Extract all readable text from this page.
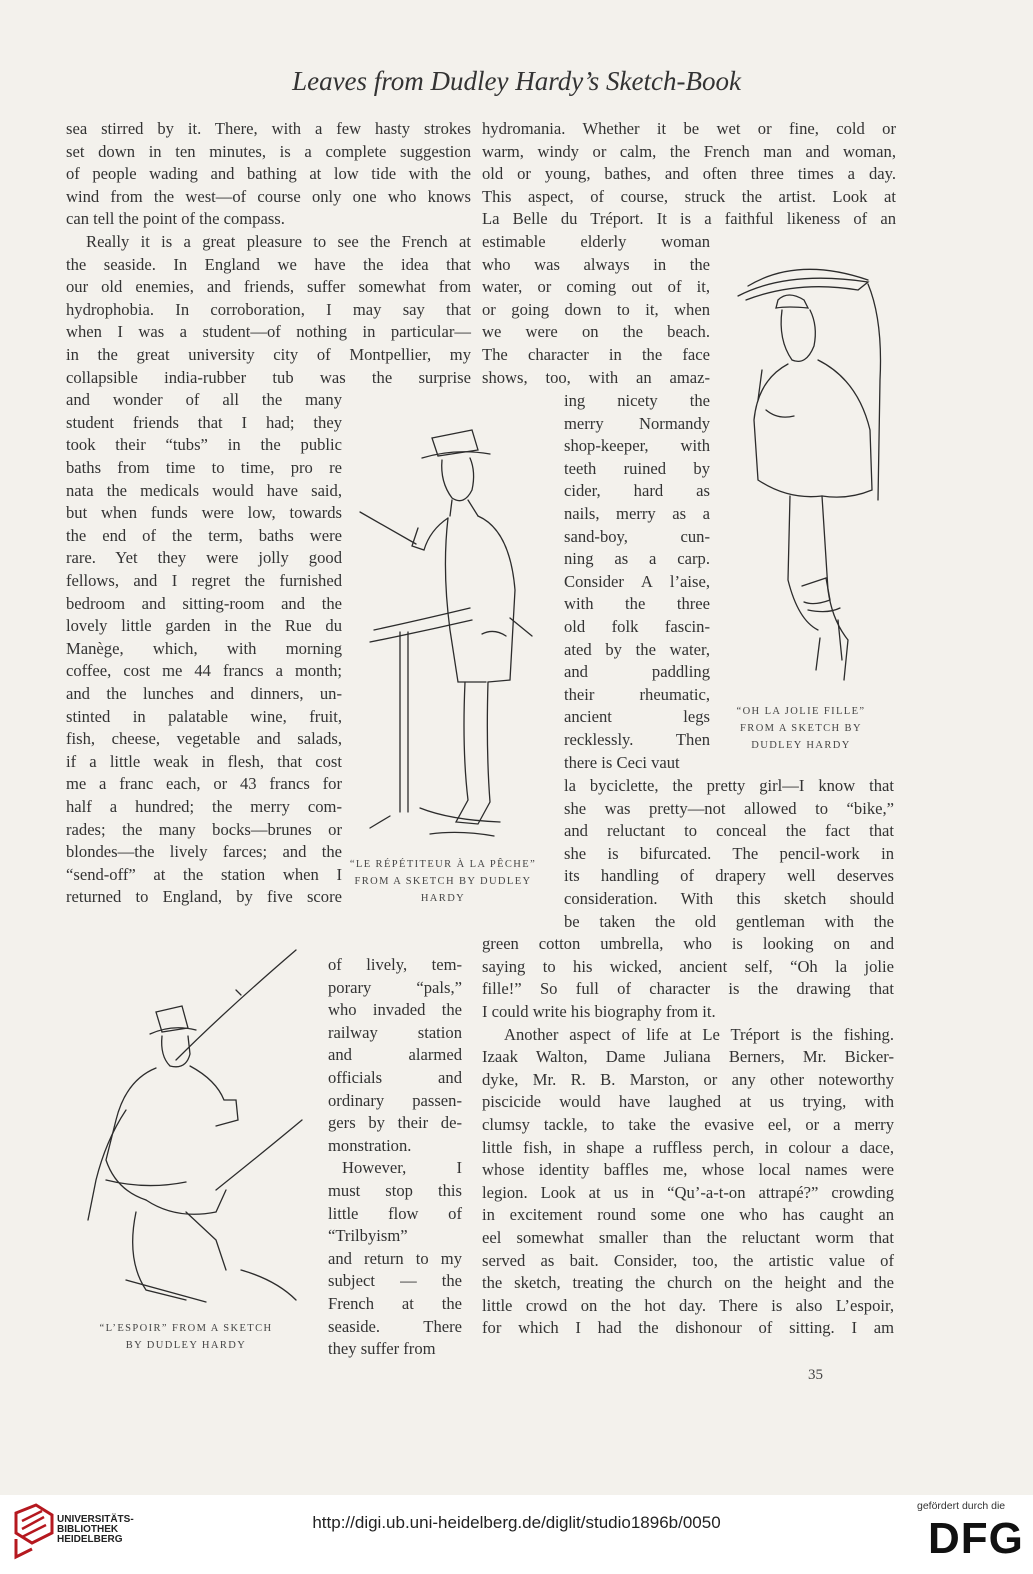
Leaves from Dudley Hardy’s Sketch-Book
sea stirred by it. There, with a few hasty strokes
set down in ten minutes, is a complete suggestion
of people wading and bathing at low tide with the
wind from the west—of course only one who knows
can tell the point of the compass.
Really it is a great pleasure to see the French at
the seaside. In England we have the idea that
our old enemies, and friends, suffer somewhat from
hydrophobia. In corroboration, I may say that
when I was a student—of nothing in particular—
in the great university city of Montpellier, my
collapsible india-rubber tub was the surprise
and wonder of all the many
student friends that I had; they
took their “tubs” in the public
baths from time to time, pro re
nata the medicals would have said,
but when funds were low, towards
the end of the term, baths were
rare. Yet they were jolly good
fellows, and I regret the furnished
bedroom and sitting-room and the
lovely little garden in the Rue du
Manège, which, with morning
coffee, cost me 44 francs a month;
and the lunches and dinners, un-
stinted in palatable wine, fruit,
fish, cheese, vegetable and salads,
if a little weak in flesh, that cost
me a franc each, or 43 francs for
half a hundred; the merry com-
rades; the many bocks—brunes or
blondes—the lively farces; and the
“send-off” at the station when I
returned to England, by five score
of lively, tem-
porary “pals,”
who invaded the
railway station
and alarmed
officials and
ordinary passen-
gers by their de-
monstration.
However, I
must stop this
little flow of
“Trilbyism”
and return to my
subject — the
French at the
seaside. There
they suffer from
hydromania. Whether it be wet or fine, cold or
warm, windy or calm, the French man and woman,
old or young, bathes, and often three times a day.
This aspect, of course, struck the artist. Look at
La Belle du Tréport. It is a faithful likeness of an
estimable elderly woman
who was always in the
water, or coming out of it,
or going down to it, when
we were on the beach.
The character in the face
shows, too, with an amaz-
ing nicety the
merry Normandy
shop-keeper, with
teeth ruined by
cider, hard as
nails, merry as a
sand-boy, cun-
ning as a carp.
Consider A l’aise,
with the three
old folk fascin-
ated by the water,
and paddling
their rheumatic,
ancient legs
recklessly. Then
there is Ceci vaut
la byciclette, the pretty girl—I know that
she was pretty—not allowed to “bike,”
and reluctant to conceal the fact that
she is bifurcated. The pencil-work in
its handling of drapery well deserves
consideration. With this sketch should
be taken the old gentleman with the
green cotton umbrella, who is looking on and
saying to his wicked, ancient self, “Oh la jolie
fille!” So full of character is the drawing that
I could write his biography from it.
Another aspect of life at Le Tréport is the fishing.
Izaak Walton, Dame Juliana Berners, Mr. Bicker-
dyke, Mr. R. B. Marston, or any other noteworthy
piscicide would have laughed at us trying, with
clumsy tackle, to take the evasive eel, or a merry
little fish, in shape a ruffless perch, in colour a dace,
whose identity baffles me, whose local names were
legion. Look at us in “Qu’-a-t-on attrapé?” crowding
in excitement round some one who has caught an
eel somewhat smaller than the reluctant worm that
served as bait. Consider, too, the artistic value of
the sketch, treating the church on the height and the
little crowd on the hot day. There is also L’espoir,
for which I had the dishonour of sitting. I am
“LE RÉPÉTITEUR À LA PÊCHE”
FROM A SKETCH BY DUDLEY
HARDY
“OH LA JOLIE FILLE”
FROM A SKETCH BY
DUDLEY HARDY
“L’ESPOIR” FROM A SKETCH
BY DUDLEY HARDY
35
UNIVERSITÄTS-
BIBLIOTHEK
HEIDELBERG
http://digi.ub.uni-heidelberg.de/diglit/studio1896b/0050
gefördert durch die
DFG
